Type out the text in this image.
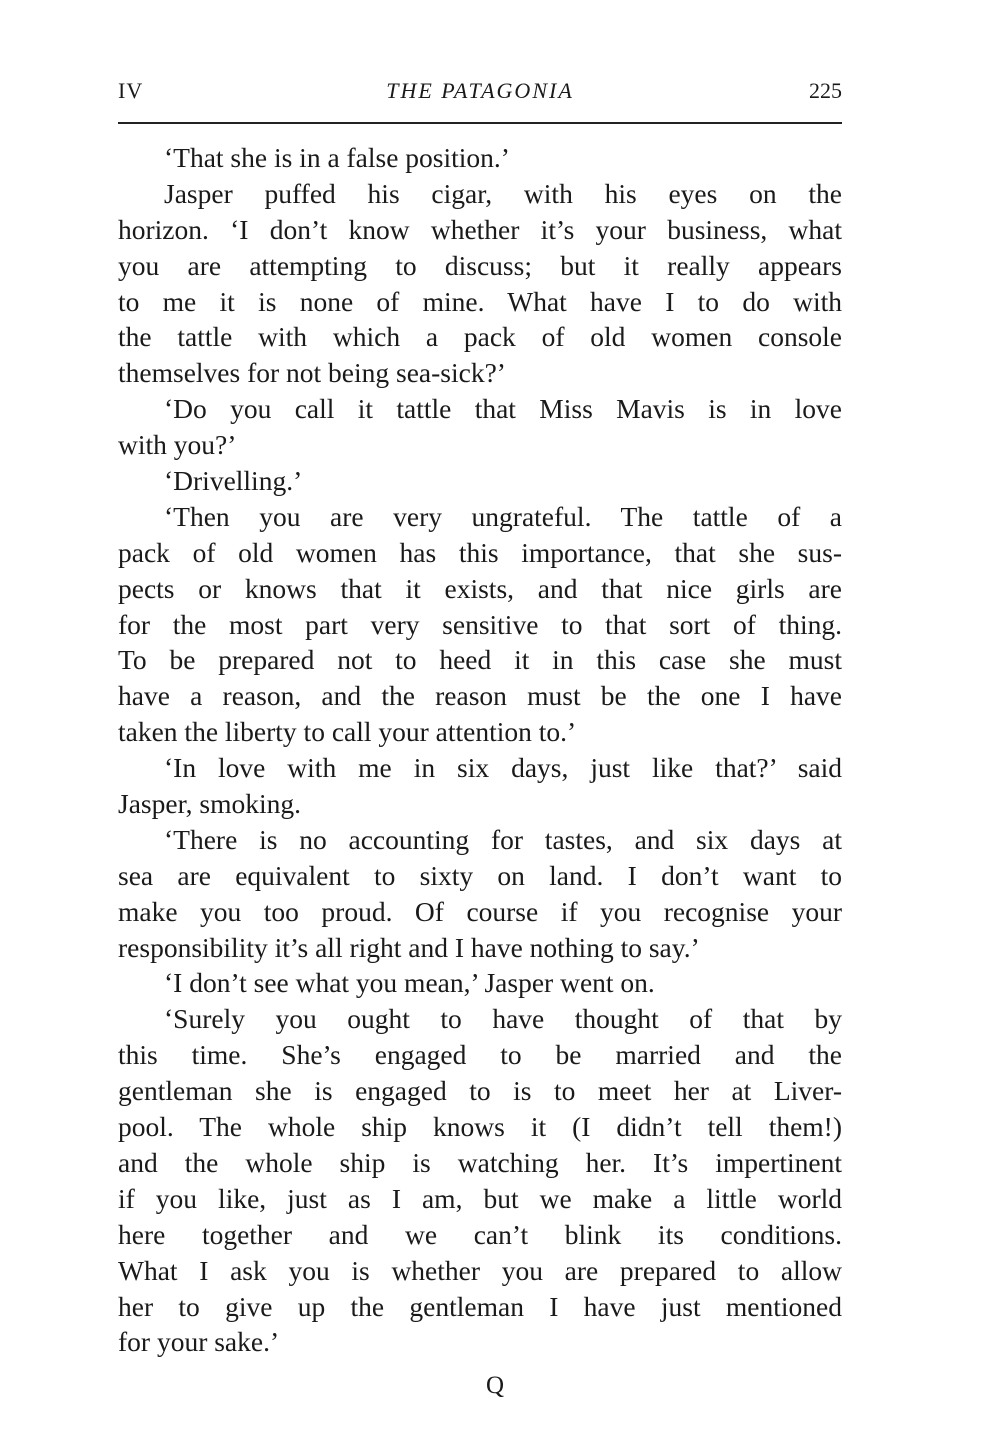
IV	THE PATAGONIA	225
‘That she is in a false position.’
Jasper puffed his cigar, with his eyes on the
horizon. ‘I don’t know whether it’s your business, what
you are attempting to discuss; but it really appears
to me it is none of mine. What have I to do with
the tattle with which a pack of old women console
themselves for not being sea-sick?’
‘Do you call it tattle that Miss Mavis is in love
with you?’
‘Drivelling.’
‘Then you are very ungrateful. The tattle of a
pack of old women has this importance, that she sus-
pects or knows that it exists, and that nice girls are
for the most part very sensitive to that sort of thing.
To be prepared not to heed it in this case she must
have a reason, and the reason must be the one I have
taken the liberty to call your attention to.’
‘In love with me in six days, just like that?’ said
Jasper, smoking.
‘There is no accounting for tastes, and six days at
sea are equivalent to sixty on land. I don’t want to
make you too proud. Of course if you recognise your
responsibility it’s all right and I have nothing to say.’
‘I don’t see what you mean,’ Jasper went on.
‘Surely you ought to have thought of that by
this time. She’s engaged to be married and the
gentleman she is engaged to is to meet her at Liver-
pool. The whole ship knows it (I didn’t tell them!)
and the whole ship is watching her. It’s impertinent
if you like, just as I am, but we make a little world
here together and we can’t blink its conditions.
What I ask you is whether you are prepared to allow
her to give up the gentleman I have just mentioned
for your sake.’
Q
